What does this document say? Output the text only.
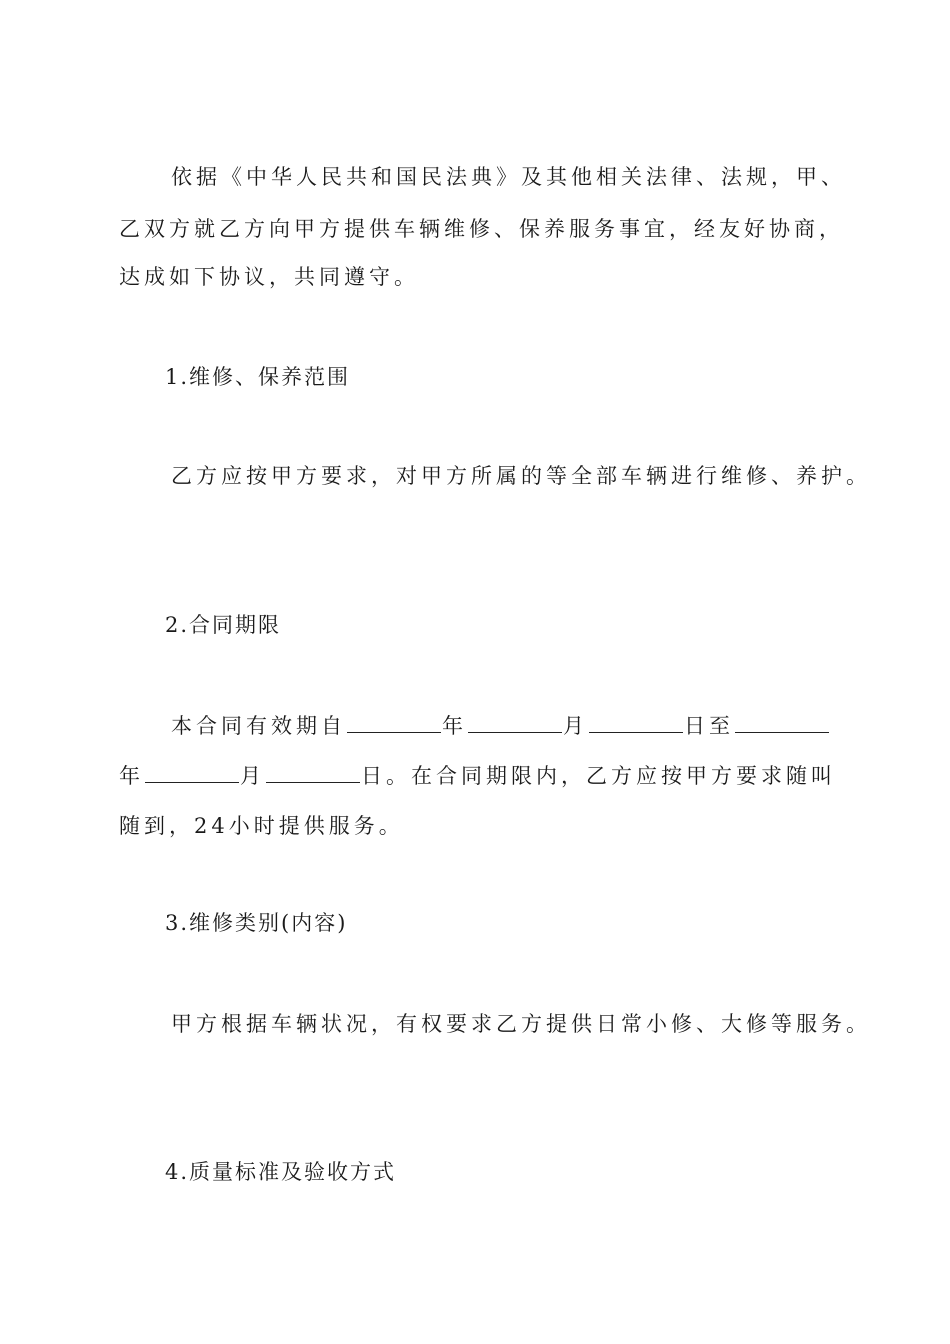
依据《中华人民共和国民法典》及其他相关法律、法规，甲、
乙双方就乙方向甲方提供车辆维修、保养服务事宜，经友好协商，
达成如下协议，共同遵守。
1.维修、保养范围
乙方应按甲方要求，对甲方所属的等全部车辆进行维修、养护。
2.合同期限
本合同有效期自	年	月	日至
年	月	日。在合同期限内，乙方应按甲方要求随叫
随到，24小时提供服务。
3.维修类别(内容)
甲方根据车辆状况，有权要求乙方提供日常小修、大修等服务。
4.质量标准及验收方式
